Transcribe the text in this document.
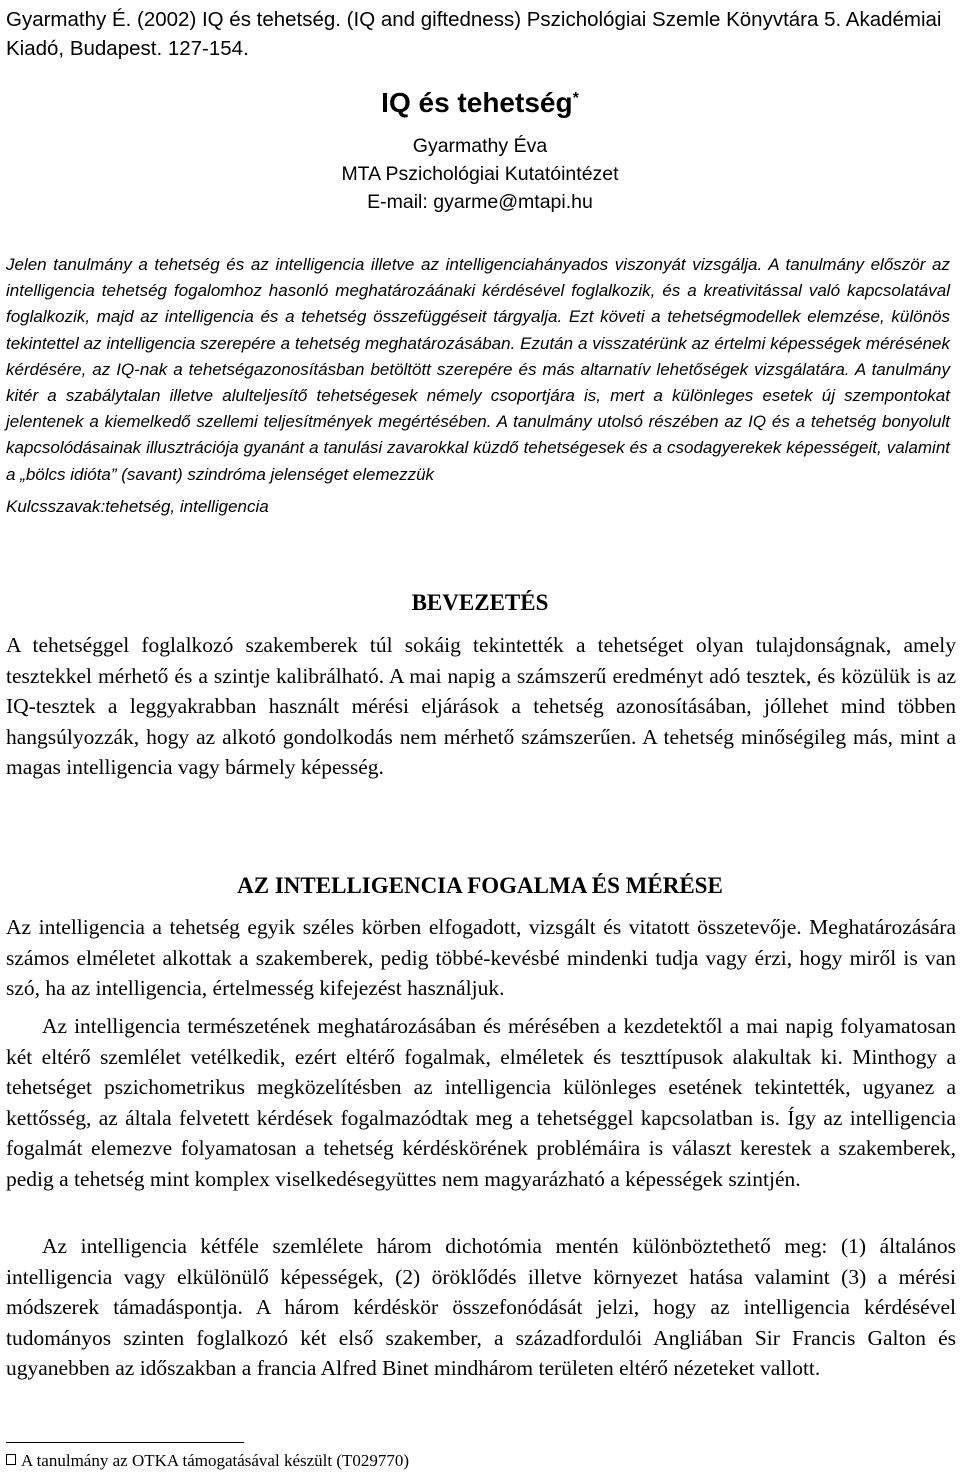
Gyarmathy É. (2002) IQ és tehetség. (IQ and giftedness) Pszichológiai Szemle Könyvtára 5. Akadémiai Kiadó, Budapest. 127-154.

IQ és tehetség*

Gyarmathy Éva

MTA Pszichológiai Kutatóintézet

E-mail: gyarme@mtapi.hu

Jelen tanulmány a tehetség és az intelligencia illetve az intelligenciahányados viszonyát vizsgálja. A tanulmány először az intelligencia tehetség fogalomhoz hasonló meghatározáánaki kérdésével foglalkozik, és a kreativitással való kapcsolatával foglalkozik, majd az intelligencia és a tehetség összefüggéseit tárgyalja. Ezt követi a tehetségmodellek elemzése, különös tekintettel az intelligencia szerepére a tehetség meghatározásában. Ezután a visszatérünk az értelmi képességek mérésének kérdésére, az IQ-nak a tehetségazonosításban betöltött szerepére és más altarnatív lehetőségek vizsgálatára. A tanulmány kitér a szabálytalan illetve alulteljesítő tehetségesek némely csoportjára is, mert a különleges esetek új szempontokat jelentenek a kiemelkedő szellemi teljesítmények megértésében. A tanulmány utolsó részében az IQ és a tehetség bonyolult kapcsolódásainak illusztrációja gyanánt a tanulási zavarokkal küzdő tehetségesek és a csodagyerekek képességeit, valamint a „bölcs idióta” (savant) szindróma jelenséget elemezzük

Kulcsszavak:tehetség, intelligencia

BEVEZETÉS

A tehetséggel foglalkozó szakemberek túl sokáig tekintették a tehetséget olyan tulajdonságnak, amely tesztekkel mérhető és a szintje kalibrálható. A mai napig a számszerű eredményt adó tesztek, és közülük is az IQ-tesztek a leggyakrabban használt mérési eljárások a tehetség azonosításában, jóllehet mind többen hangsúlyozzák, hogy az alkotó gondolkodás nem mérhető számszerűen. A tehetség minőségileg más, mint a magas intelligencia vagy bármely képesség.

AZ INTELLIGENCIA FOGALMA ÉS MÉRÉSE

Az intelligencia a tehetség egyik széles körben elfogadott, vizsgált és vitatott összetevője. Meghatározására számos elméletet alkottak a szakemberek, pedig többé-kevésbé mindenki tudja vagy érzi, hogy miről is van szó, ha az intelligencia, értelmesség kifejezést használjuk.

Az intelligencia természetének meghatározásában és mérésében a kezdetektől a mai napig folyamatosan két eltérő szemlélet vetélkedik, ezért eltérő fogalmak, elméletek és teszttípusok alakultak ki. Minthogy a tehetséget pszichometrikus megközelítésben az intelligencia különleges esetének tekintették, ugyanez a kettősség, az általa felvetett kérdések fogalmazódtak meg a tehetséggel kapcsolatban is. Így az intelligencia fogalmát elemezve folyamatosan a tehetség kérdéskörének problémáira is választ kerestek a szakemberek, pedig a tehetség mint komplex viselkedésegyüttes nem magyarázható a képességek szintjén.

Az intelligencia kétféle szemlélete három dichotómia mentén különböztethető meg: (1) általános intelligencia vagy elkülönülő képességek, (2) öröklődés illetve környezet hatása valamint (3) a mérési módszerek támadáspontja. A három kérdéskör összefonódását jelzi, hogy az intelligencia kérdésével tudományos szinten foglalkozó két első szakember, a századfordulói Angliában Sir Francis Galton és ugyanebben az időszakban a francia Alfred Binet mindhárom területen eltérő nézeteket vallott.

A tanulmány az OTKA támogatásával készült (T029770)
